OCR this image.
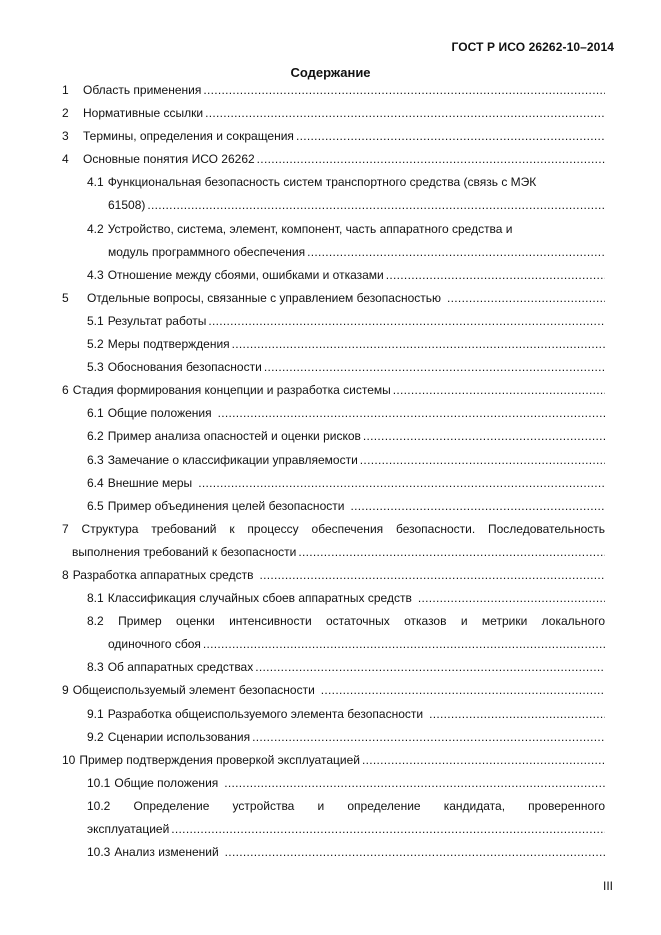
ГОСТ Р ИСО 26262-10–2014
Содержание
1	Область применения
.....
2	Нормативные ссылки
.....
3	Термины, определения и сокращения
.....
4	Основные понятия ИСО 26262
.....
4.1 Функциональная безопасность систем транспортного средства (связь с МЭК
61508)
.....
4.2 Устройство, система, элемент, компонент, часть аппаратного средства и
модуль программного обеспечения
.....
4.3 Отношение между сбоями, ошибками и отказами
.....
5	Отдельные вопросы, связанные с управлением безопасностью
.....
5.1 Результат работы
.....
5.2 Меры подтверждения
.....
5.3 Обоснования безопасности
.....
6 Стадия формирования концепции и разработка системы
.....
6.1 Общие положения
.....
6.2 Пример анализа опасностей и оценки рисков
.....
6.3 Замечание о классификации управляемости
.....
6.4 Внешние меры
.....
6.5 Пример объединения целей безопасности
.....
7 Структура требований к процессу обеспечения безопасности. Последовательность
выполнения требований к безопасности
.....
8 Разработка аппаратных средств
.....
8.1 Классификация случайных сбоев аппаратных средств
.....
8.2 Пример оценки интенсивности остаточных отказов и метрики локального
одиночного сбоя
.....
8.3 Об аппаратных средствах
.....
9 Общеиспользуемый элемент безопасности
.....
9.1 Разработка общеиспользуемого элемента безопасности
.....
9.2 Сценарии использования
.....
10 Пример подтверждения проверкой эксплуатацией
.....
10.1 Общие положения
.....
10.2 Определение устройства и определение кандидата, проверенного
эксплуатацией
.....
10.3 Анализ изменений
.....
III
